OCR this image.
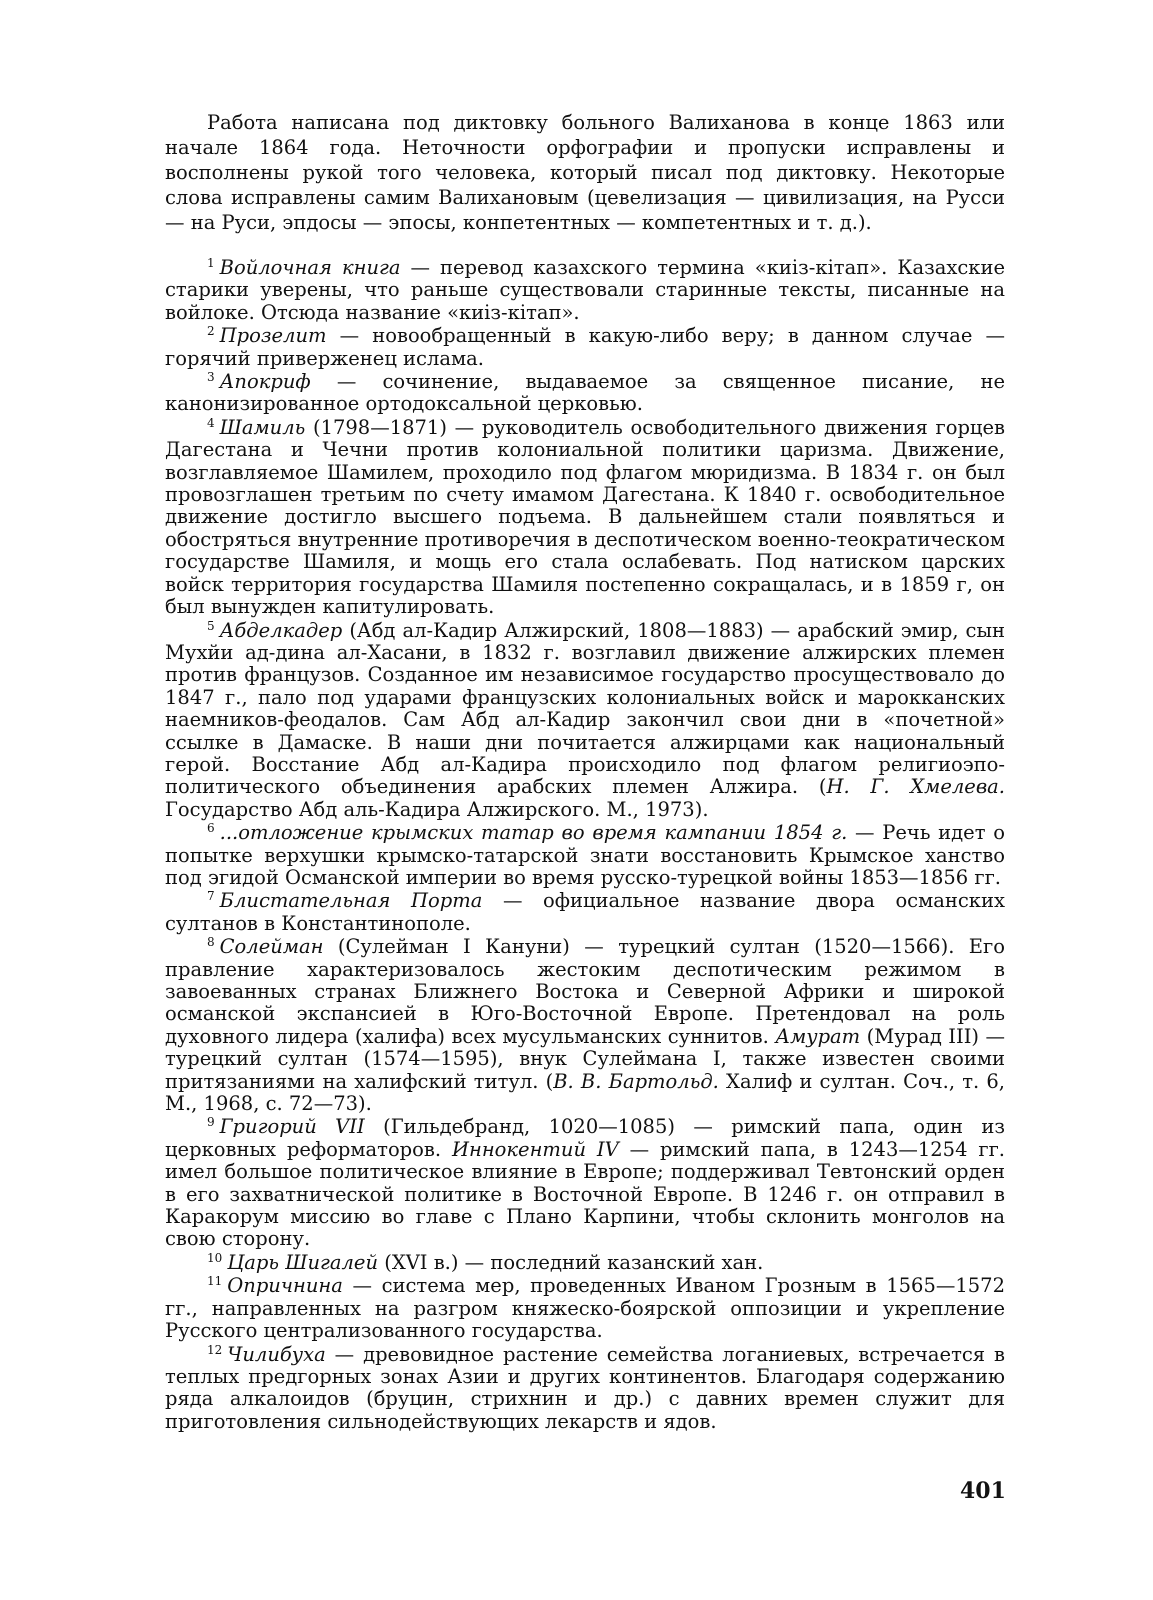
Работа написана под диктовку больного Валиханова в конце 1863 или начале 1864 года. Неточности орфографии и пропуски исправлены и восполнены рукой того человека, который писал под диктовку. Некоторые слова исправлены самим Валихановым (цевелизация — цивилизация, на Русси — на Руси, эпдосы — эпосы, конпетентных — компетентных и т. д.).

$^1$ Войлочная книга — перевод казахского термина «киіз-кітап». Казахские старики уверены, что раньше существовали старинные тексты, писанные на войлоке. Отсюда название «киіз-кітап».

$^2$ Прозелит — новообращенный в какую-либо веру; в данном случае — горячий приверженец ислама.

$^3$ Апокриф — сочинение, выдаваемое за священное писание, не канонизированное ортодоксальной церковью.

$^4$ Шамиль (1798—1871) — руководитель освободительного движения горцев Дагестана и Чечни против колониальной политики царизма. Движение, возглавляемое Шамилем, проходило под флагом мюридизма. В 1834 г. он был провозглашен третьим по счету имамом Дагестана. К 1840 г. освободительное движение достигло высшего подъема. В дальнейшем стали появляться и обостряться внутренние противоречия в деспотическом военно-теократическом государстве Шамиля, и мощь его стала ослабевать. Под натиском царских войск территория государства Шамиля постепенно сокращалась, и в 1859 г, он был вынужден капитулировать.

$^5$ Абделкадер (Абд ал-Кадир Алжирский, 1808—1883) — арабский эмир, сын Мухйи ад-дина ал-Хасани, в 1832 г. возглавил движение алжирских племен против французов. Созданное им независимое государство просуществовало до 1847 г., пало под ударами французских колониальных войск и марокканских наемников-феодалов. Сам Абд ал-Кадир закончил свои дни в «почетной» ссылке в Дамаске. В наши дни почитается алжирцами как национальный герой. Восстание Абд ал-Кадира происходило под флагом религиоэпо-политического объединения арабских племен Алжира. (Н. Г. Хмелева. Государство Абд аль-Кадира Алжирского. М., 1973).

$^6$ ...отложение крымских татар во время кампании 1854 г. — Речь идет о попытке верхушки крымско-татарской знати восстановить Крымское ханство под эгидой Османской империи во время русско-турецкой войны 1853—1856 гг.

$^7$ Блистательная Порта — официальное название двора османских султанов в Константинополе.

$^8$ Солейман (Сулейман I Кануни) — турецкий султан (1520—1566). Его правление характеризовалось жестоким деспотическим режимом в завоеванных странах Ближнего Востока и Северной Африки и широкой османской экспансией в Юго-Восточной Европе. Претендовал на роль духовного лидера (халифа) всех мусульманских суннитов. Амурат (Мурад III) — турецкий султан (1574—1595), внук Сулеймана I, также известен своими притязаниями на халифский титул. (В. В. Бартольд. Халиф и султан. Соч., т. 6, М., 1968, с. 72—73).

$^9$ Григорий VII (Гильдебранд, 1020—1085) — римский папа, один из церковных реформаторов. Иннокентий IV — римский папа, в 1243—1254 гг. имел большое политическое влияние в Европе; поддерживал Тевтонский орден в его захватнической политике в Восточной Европе. В 1246 г. он отправил в Каракорум миссию во главе с Плано Карпини, чтобы склонить монголов на свою сторону.

$^{10}$ Царь Шигалей (XVI в.) — последний казанский хан.

$^{11}$ Опричнина — система мер, проведенных Иваном Грозным в 1565—1572 гг., направленных на разгром княжеско-боярской оппозиции и укрепление Русского централизованного государства.

$^{12}$ Чилибуха — древовидное растение семейства логаниевых, встречается в теплых предгорных зонах Азии и других континентов. Благодаря содержанию ряда алкалоидов (бруцин, стрихнин и др.) с давних времен служит для приготовления сильнодействующих лекарств и ядов.

401
